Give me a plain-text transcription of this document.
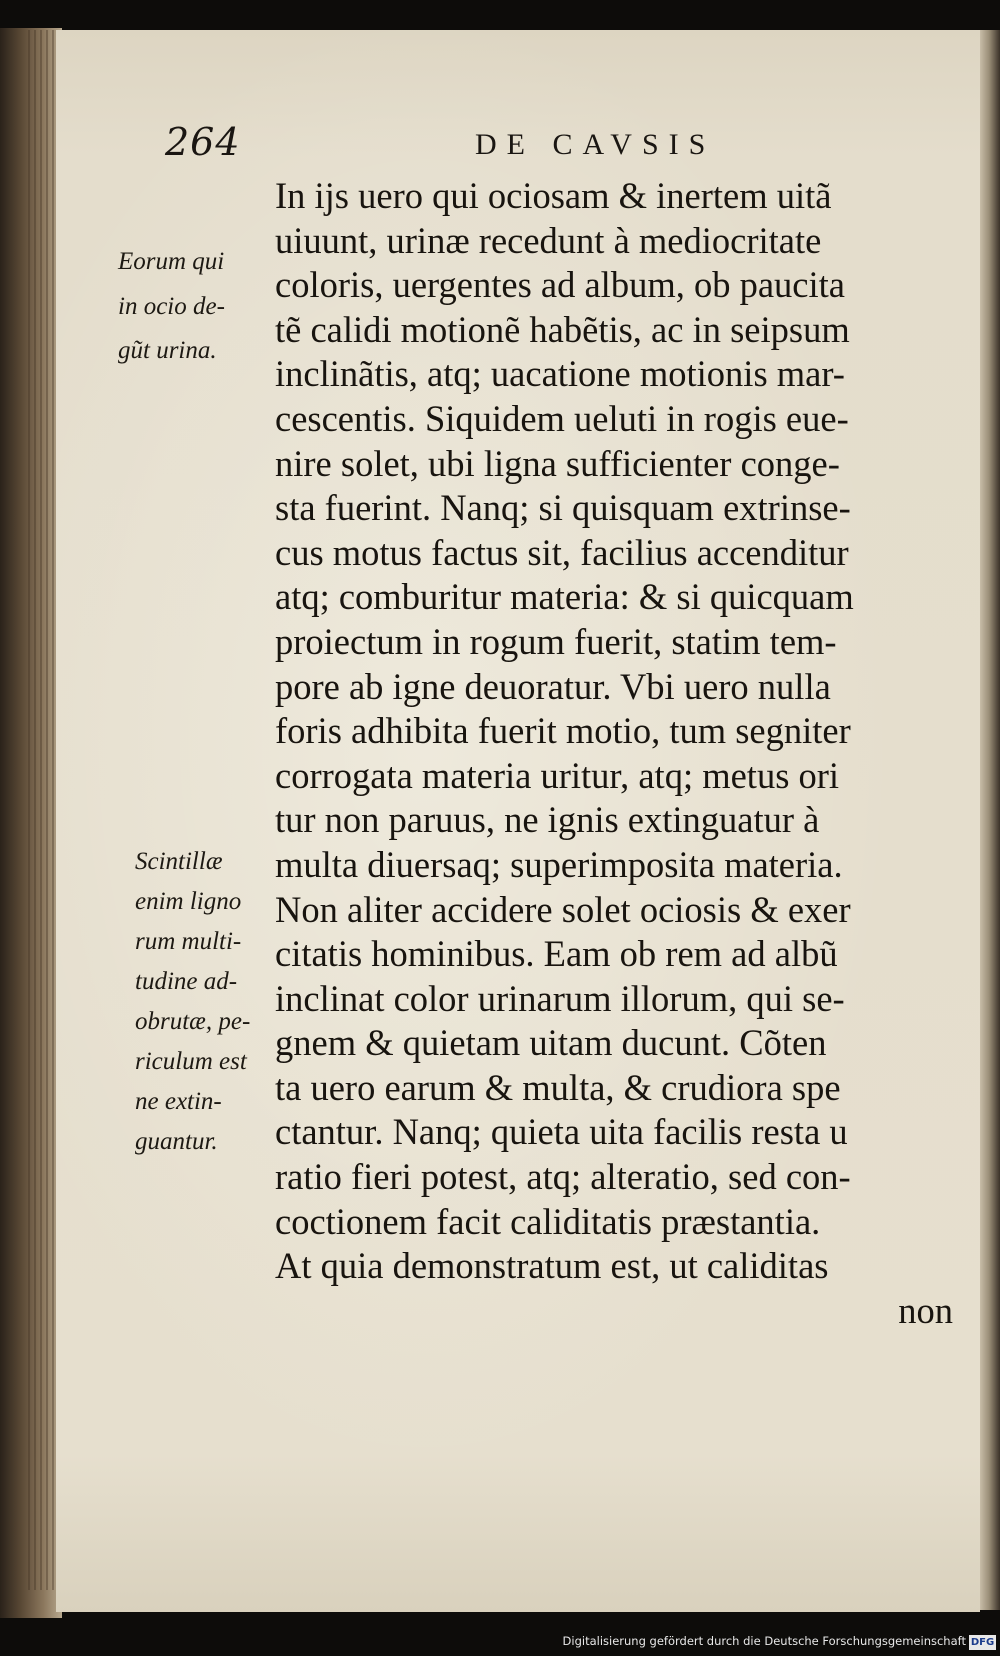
264	DE CAVSIS
Eorum qui
in ocio de-
gũt urina.
Scintillæ
enim ligno
rum multi-
tudine ad-
obrutæ, pe-
riculum est
ne extin-
guantur.
In ijs uero qui ociosam & inertem uitã
uiuunt, urinæ recedunt à mediocritate
coloris, uergentes ad album, ob paucita
tẽ calidi motionẽ habẽtis, ac in seipsum
inclinãtis, atq; uacatione motionis mar-
cescentis. Siquidem ueluti in rogis eue-
nire solet, ubi ligna sufficienter conge-
sta fuerint. Nanq; si quisquam extrinse-
cus motus factus sit, facilius accenditur
atq; comburitur materia: & si quicquam
proiectum in rogum fuerit, statim tem-
pore ab igne deuoratur. Vbi uero nulla
foris adhibita fuerit motio, tum segniter
corrogata materia uritur, atq; metus ori
tur non paruus, ne ignis extinguatur à
multa diuersaq; superimposita materia.
Non aliter accidere solet ociosis & exer
citatis hominibus. Eam ob rem ad albũ
inclinat color urinarum illorum, qui se-
gnem & quietam uitam ducunt. Cõten
ta uero earum & multa, & crudiora spe
ctantur. Nanq; quieta uita facilis resta u
ratio fieri potest, atq; alteratio, sed con-
coctionem facit caliditatis præstantia.
At quia demonstratum est, ut caliditas
non
Digitalisierung gefördert durch die Deutsche Forschungsgemeinschaft DFG
